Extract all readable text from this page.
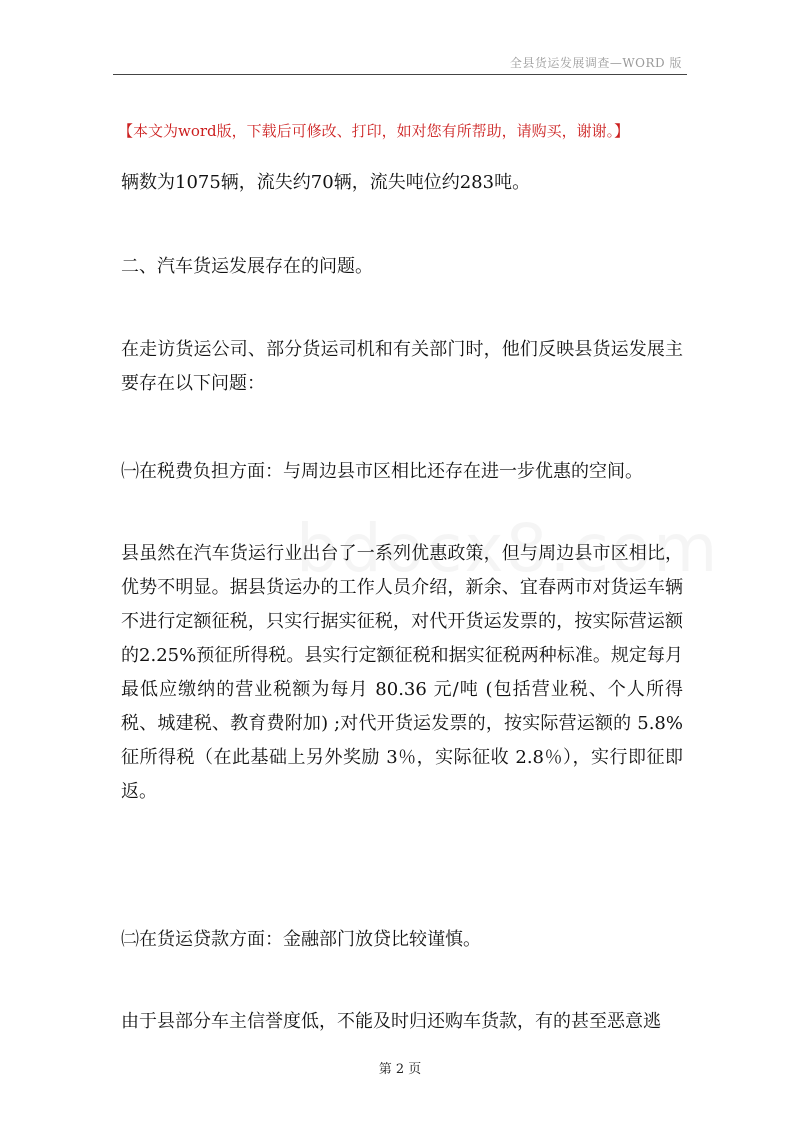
全县货运发展调查—WORD 版
【本文为word版，下载后可修改、打印，如对您有所帮助，请购买，谢谢。】
辆数为1075辆，流失约70辆，流失吨位约283吨。
二、汽车货运发展存在的问题。
在走访货运公司、部分货运司机和有关部门时，他们反映县货运发展主要存在以下问题：
㈠在税费负担方面：与周边县市区相比还存在进一步优惠的空间。
县虽然在汽车货运行业出台了一系列优惠政策，但与周边县市区相比，优势不明显。据县货运办的工作人员介绍，新余、宜春两市对货运车辆不进行定额征税，只实行据实征税，对代开货运发票的，按实际营运额的2.25%预征所得税。县实行定额征税和据实征税两种标准。规定每月最低应缴纳的营业税额为每月 80.36 元/吨 (包括营业税、个人所得税、城建税、教育费附加) ;对代开货运发票的，按实际营运额的 5.8%征所得税（在此基础上另外奖励 3％，实际征收 2.8％），实行即征即返。
㈡在货运贷款方面：金融部门放贷比较谨慎。
由于县部分车主信誉度低，不能及时归还购车货款，有的甚至恶意逃
第 2 页
